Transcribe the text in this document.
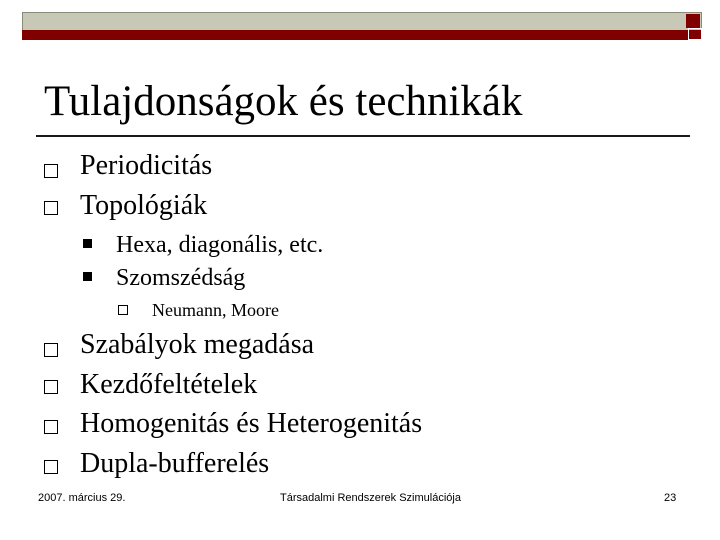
Tulajdonságok és technikák
Periodicitás
Topológiák
Hexa, diagonális, etc.
Szomszédság
Neumann, Moore
Szabályok megadása
Kezdőfeltételek
Homogenitás és Heterogenitás
Dupla-bufferelés
2007. március 29.	Társadalmi Rendszerek Szimulációja	23
